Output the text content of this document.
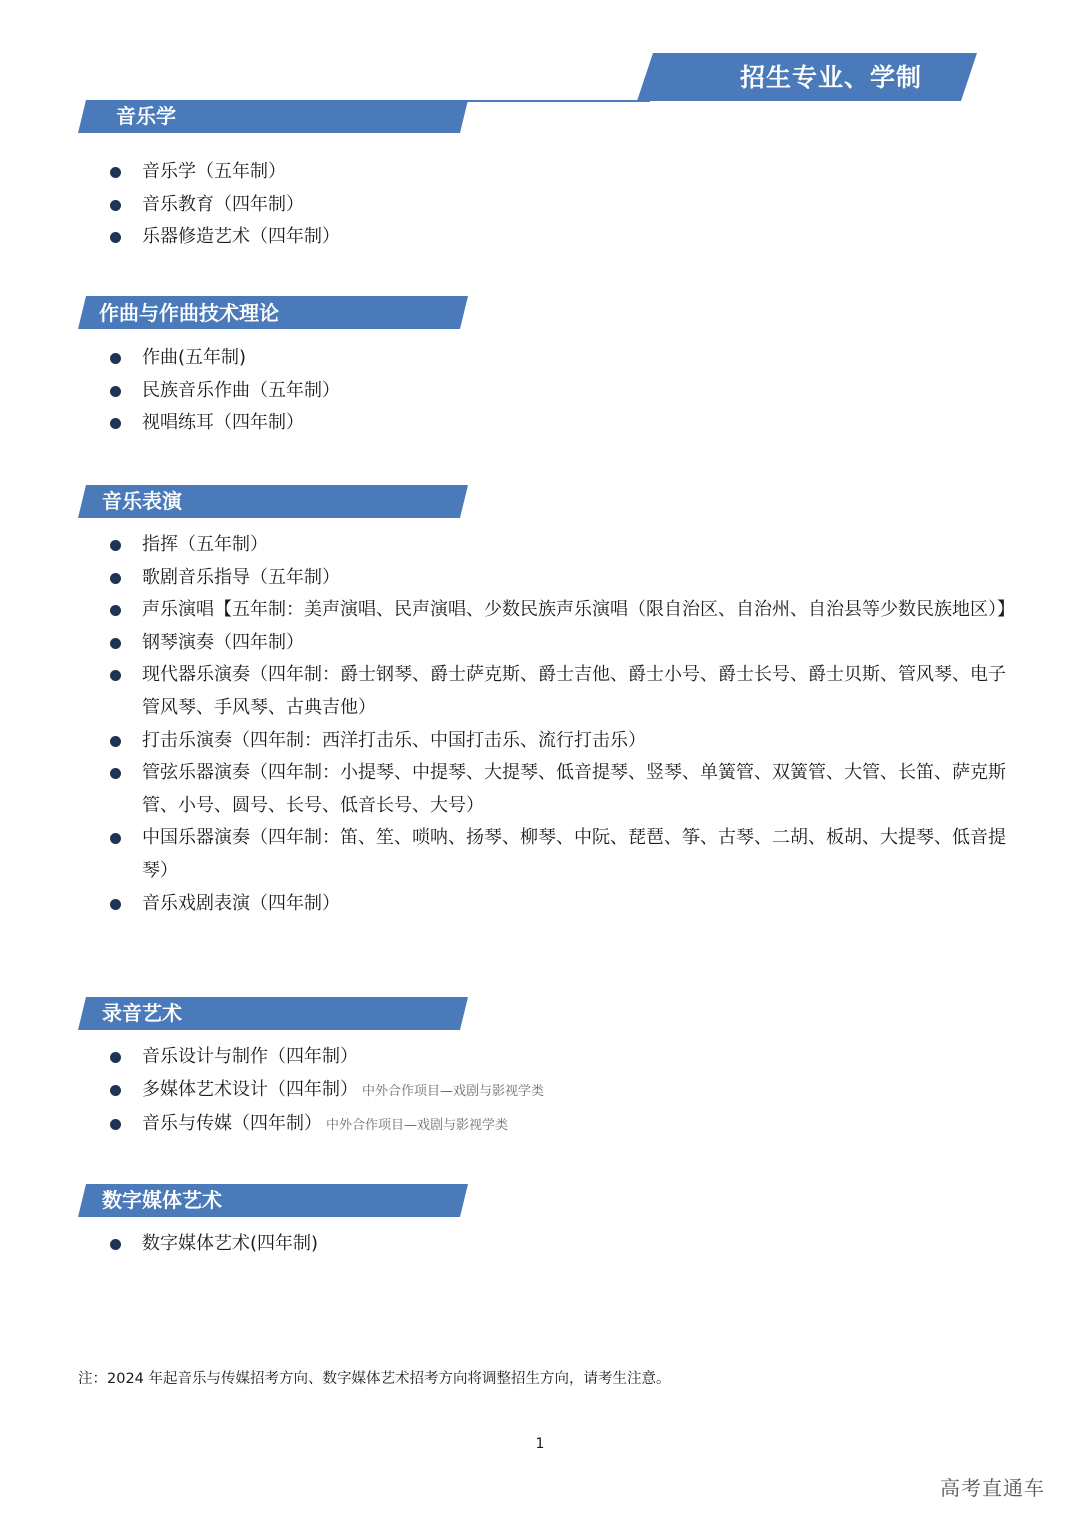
招生专业、学制
音乐学
音乐学（五年制）
音乐教育（四年制）
乐器修造艺术（四年制）
作曲与作曲技术理论
作曲(五年制)
民族音乐作曲（五年制）
视唱练耳（四年制）
音乐表演
指挥（五年制）
歌剧音乐指导（五年制）
声乐演唱【五年制：美声演唱、民声演唱、少数民族声乐演唱（限自治区、自治州、自治县等少数民族地区）】
钢琴演奏（四年制）
现代器乐演奏（四年制：爵士钢琴、爵士萨克斯、爵士吉他、爵士小号、爵士长号、爵士贝斯、管风琴、电子管风琴、手风琴、古典吉他）
打击乐演奏（四年制：西洋打击乐、中国打击乐、流行打击乐）
管弦乐器演奏（四年制：小提琴、中提琴、大提琴、低音提琴、竖琴、单簧管、双簧管、大管、长笛、萨克斯管、小号、圆号、长号、低音长号、大号）
中国乐器演奏（四年制：笛、笙、唢呐、扬琴、柳琴、中阮、琵琶、筝、古琴、二胡、板胡、大提琴、低音提琴）
音乐戏剧表演（四年制）
录音艺术
音乐设计与制作（四年制）
多媒体艺术设计（四年制） 中外合作项目—戏剧与影视学类
音乐与传媒（四年制） 中外合作项目—戏剧与影视学类
数字媒体艺术
数字媒体艺术(四年制)
注：2024 年起音乐与传媒招考方向、数字媒体艺术招考方向将调整招生方向，请考生注意。
1
高考直通车
